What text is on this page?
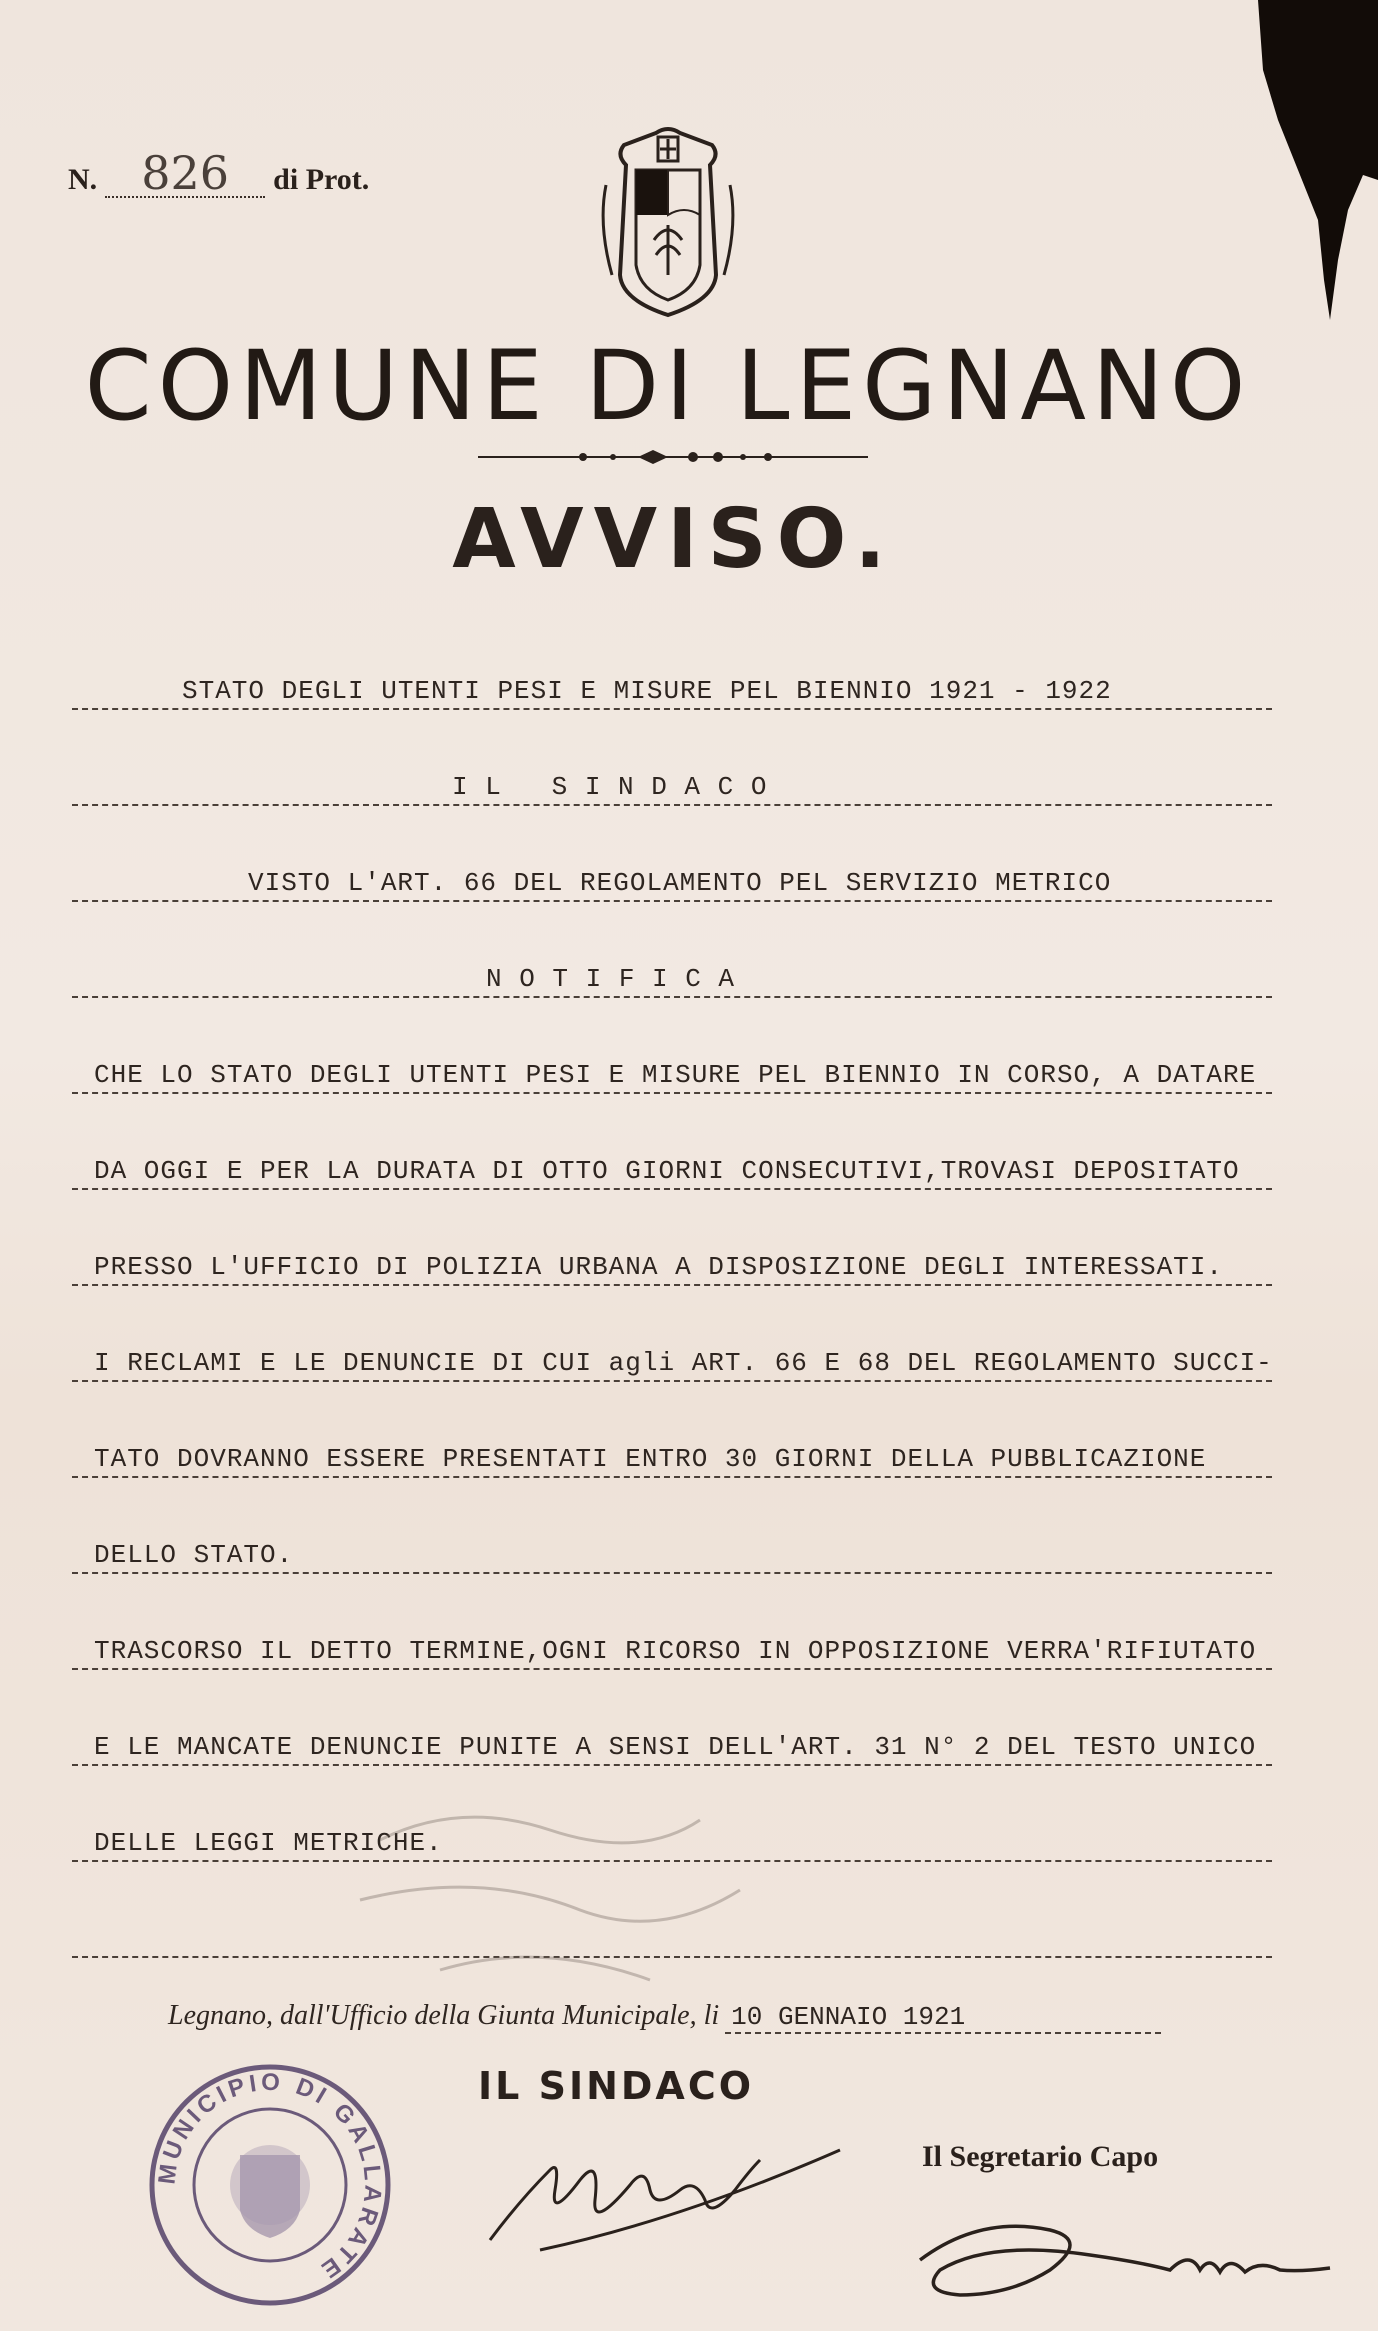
N. 826	di Prot.
COMUNE DI LEGNANO
AVVISO.
STATO DEGLI UTENTI PESI E MISURE PEL BIENNIO 1921 - 1922
I L   S I N D A C O
VISTO L'ART. 66 DEL REGOLAMENTO PEL SERVIZIO METRICO
N O T I F I C A
CHE LO STATO DEGLI UTENTI PESI E MISURE PEL BIENNIO IN CORSO, A DATARE
DA OGGI E PER LA DURATA DI OTTO GIORNI CONSECUTIVI,TROVASI DEPOSITATO
PRESSO L'UFFICIO DI POLIZIA URBANA A DISPOSIZIONE DEGLI INTERESSATI.
I RECLAMI E LE DENUNCIE DI CUI agli ART. 66 E 68 DEL REGOLAMENTO SUCCI-
TATO DOVRANNO ESSERE PRESENTATI ENTRO 30 GIORNI DELLA PUBBLICAZIONE
DELLO STATO.
TRASCORSO IL DETTO TERMINE,OGNI RICORSO IN OPPOSIZIONE VERRA'RIFIUTATO
E LE MANCATE DENUNCIE PUNITE A SENSI DELL'ART. 31 N° 2 DEL TESTO UNICO
DELLE LEGGI METRICHE.
Legnano, dall'Ufficio della Giunta Municipale, li 10 GENNAIO 1921
IL SINDACO
Il Segretario Capo
MUNICIPIO DI GALLARATE
